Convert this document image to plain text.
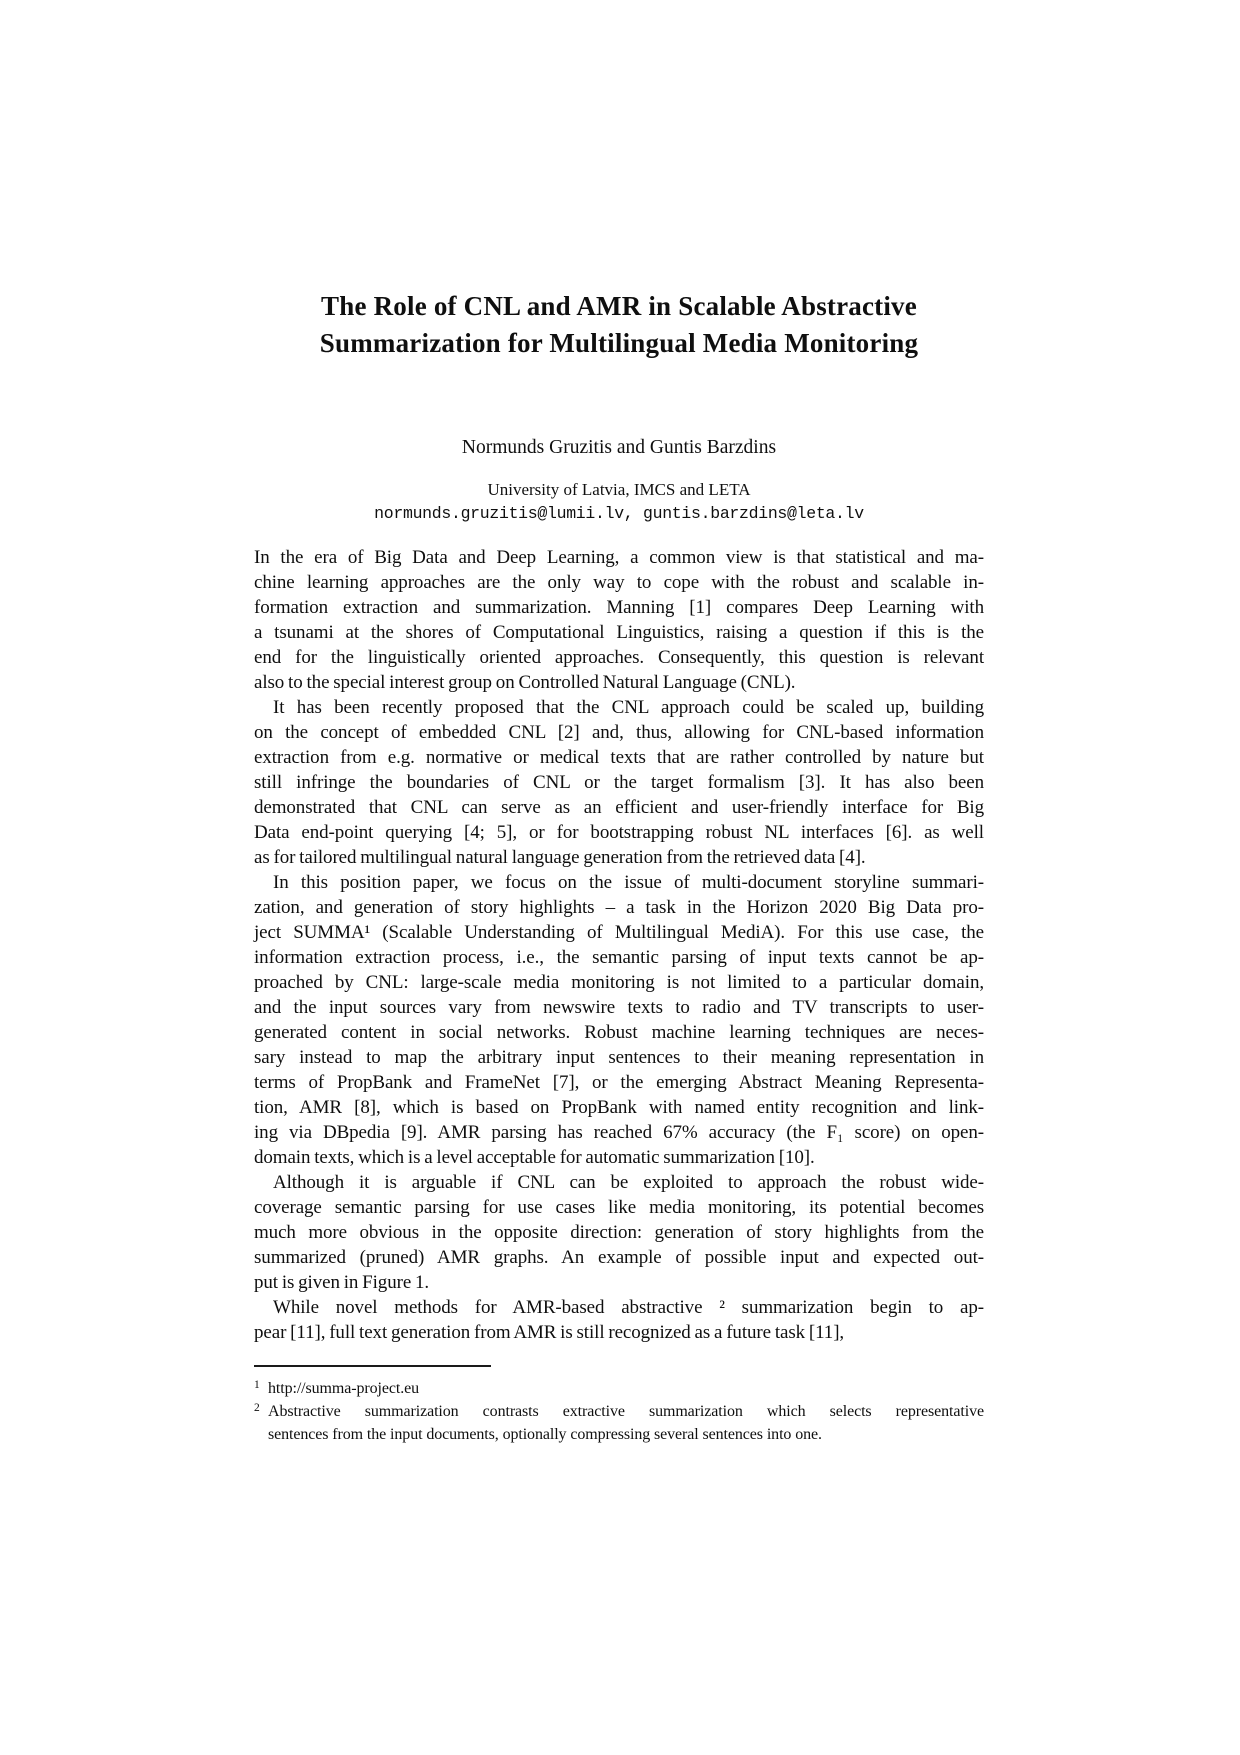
The Role of CNL and AMR in Scalable Abstractive
Summarization for Multilingual Media Monitoring
Normunds Gruzitis and Guntis Barzdins
University of Latvia, IMCS and LETA
normunds.gruzitis@lumii.lv, guntis.barzdins@leta.lv
In the era of Big Data and Deep Learning, a common view is that statistical and ma-
chine learning approaches are the only way to cope with the robust and scalable in-
formation extraction and summarization. Manning [1] compares Deep Learning with
a tsunami at the shores of Computational Linguistics, raising a question if this is the
end for the linguistically oriented approaches. Consequently, this question is relevant
also to the special interest group on Controlled Natural Language (CNL).
It has been recently proposed that the CNL approach could be scaled up, building
on the concept of embedded CNL [2] and, thus, allowing for CNL-based information
extraction from e.g. normative or medical texts that are rather controlled by nature but
still infringe the boundaries of CNL or the target formalism [3]. It has also been
demonstrated that CNL can serve as an efficient and user-friendly interface for Big
Data end-point querying [4; 5], or for bootstrapping robust NL interfaces [6]. as well
as for tailored multilingual natural language generation from the retrieved data [4].
In this position paper, we focus on the issue of multi-document storyline summari-
zation, and generation of story highlights – a task in the Horizon 2020 Big Data pro-
ject SUMMA¹ (Scalable Understanding of Multilingual MediA). For this use case, the
information extraction process, i.e., the semantic parsing of input texts cannot be ap-
proached by CNL: large-scale media monitoring is not limited to a particular domain,
and the input sources vary from newswire texts to radio and TV transcripts to user-
generated content in social networks. Robust machine learning techniques are neces-
sary instead to map the arbitrary input sentences to their meaning representation in
terms of PropBank and FrameNet [7], or the emerging Abstract Meaning Representa-
tion, AMR [8], which is based on PropBank with named entity recognition and link-
ing via DBpedia [9]. AMR parsing has reached 67% accuracy (the F₁ score) on open-
domain texts, which is a level acceptable for automatic summarization [10].
Although it is arguable if CNL can be exploited to approach the robust wide-
coverage semantic parsing for use cases like media monitoring, its potential becomes
much more obvious in the opposite direction: generation of story highlights from the
summarized (pruned) AMR graphs. An example of possible input and expected out-
put is given in Figure 1.
While novel methods for AMR-based abstractive ² summarization begin to ap-
pear [11], full text generation from AMR is still recognized as a future task [11],
1 http://summa-project.eu
2 Abstractive summarization contrasts extractive summarization which selects representative
sentences from the input documents, optionally compressing several sentences into one.
